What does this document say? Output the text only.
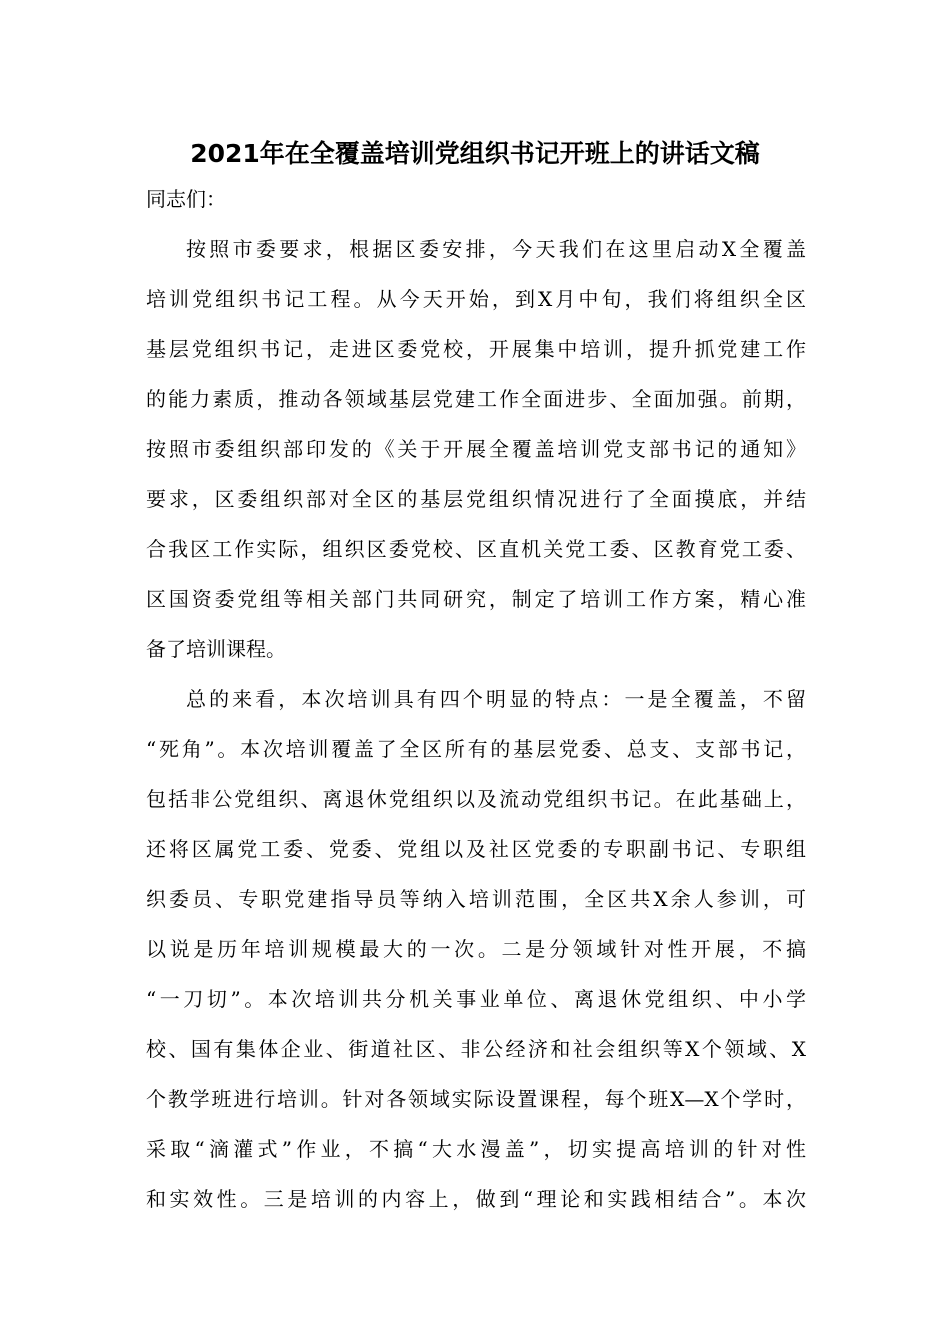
2021年在全覆盖培训党组织书记开班上的讲话文稿
同志们：
按照市委要求，根据区委安排，今天我们在这里启动X全覆盖
培训党组织书记工程。从今天开始，到X月中旬，我们将组织全区
基层党组织书记，走进区委党校，开展集中培训，提升抓党建工作
的能力素质，推动各领域基层党建工作全面进步、全面加强。前期，
按照市委组织部印发的《关于开展全覆盖培训党支部书记的通知》
要求，区委组织部对全区的基层党组织情况进行了全面摸底，并结
合我区工作实际，组织区委党校、区直机关党工委、区教育党工委、
区国资委党组等相关部门共同研究，制定了培训工作方案，精心准
备了培训课程。
总的来看，本次培训具有四个明显的特点：一是全覆盖，不留
“死角”。本次培训覆盖了全区所有的基层党委、总支、支部书记，
包括非公党组织、离退休党组织以及流动党组织书记。在此基础上，
还将区属党工委、党委、党组以及社区党委的专职副书记、专职组
织委员、专职党建指导员等纳入培训范围，全区共X余人参训，可
以说是历年培训规模最大的一次。二是分领域针对性开展，不搞
“一刀切”。本次培训共分机关事业单位、离退休党组织、中小学
校、国有集体企业、街道社区、非公经济和社会组织等X个领域、X
个教学班进行培训。针对各领域实际设置课程，每个班X—X个学时，
采取“滴灌式”作业，不搞“大水漫盖”，切实提高培训的针对性
和实效性。三是培训的内容上，做到“理论和实践相结合”。本次
